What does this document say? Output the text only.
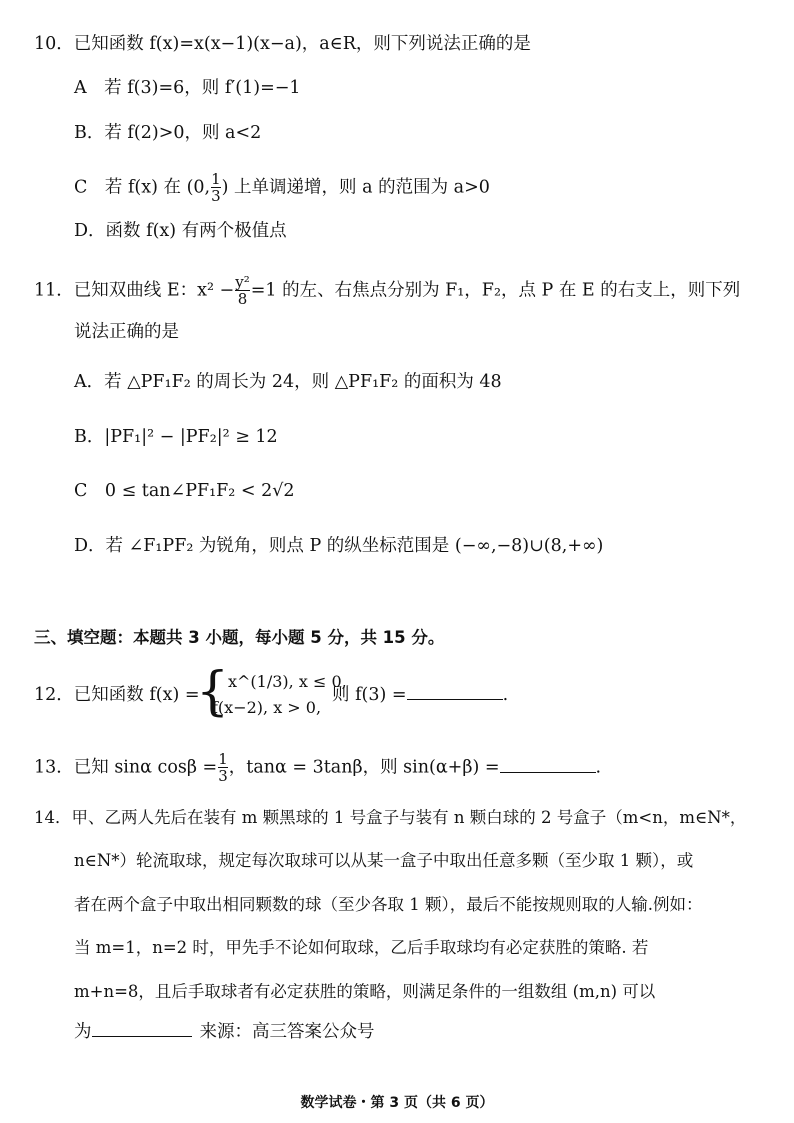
10．已知函数 f(x)=x(x−1)(x−a)，a∈R，则下列说法正确的是
A　若 f(3)=6，则 f′(1)=−1
B．若 f(2)>0，则 a<2
C　若 f(x) 在 (0, $\frac{1}{3}$ ) 上单调递增，则 a 的范围为 a>0
D．函数 f(x) 有两个极值点
11．已知双曲线 E：$x^2 - \frac{\text{y²}}{8} =1$ 的左、右焦点分别为 F₁，F₂，点 P 在 E 的右支上，则下列
说法正确的是
A．若 △PF₁F₂ 的周长为 24，则 △PF₁F₂ 的面积为 48
B．|PF₁|² − |PF₂|² ≥ 12
C　0 ≤ tan∠PF₁F₂ < 2√2
D．若 ∠F₁PF₂ 为锐角，则点 P 的纵坐标范围是 (−∞,−8)∪(8,+∞)
三、填空题：本题共 3 小题，每小题 5 分，共 15 分。
12．已知函数 f(x) =
{
x^(1/3), x ≤ 0,
f(x−2), x > 0,
则 f(3) =	.
13．已知 sinα $\cos\beta = \frac{1}{3}$ ，tanα = 3tanβ，则 sin(α+β) =	.
14．甲、乙两人先后在装有 m 颗黑球的 1 号盒子与装有 n 颗白球的 2 号盒子（m<n，m∈N*，
n∈N*）轮流取球，规定每次取球可以从某一盒子中取出任意多颗（至少取 1 颗），或
者在两个盒子中取出相同颗数的球（至少各取 1 颗），最后不能按规则取的人输.例如：
当 m=1，n=2 时，甲先手不论如何取球，乙后手取球均有必定获胜的策略. 若
m+n=8，且后手取球者有必定获胜的策略，则满足条件的一组数组 (m,n) 可以
为	来源：高三答案公众号
数学试卷・第 3 页（共 6 页）
